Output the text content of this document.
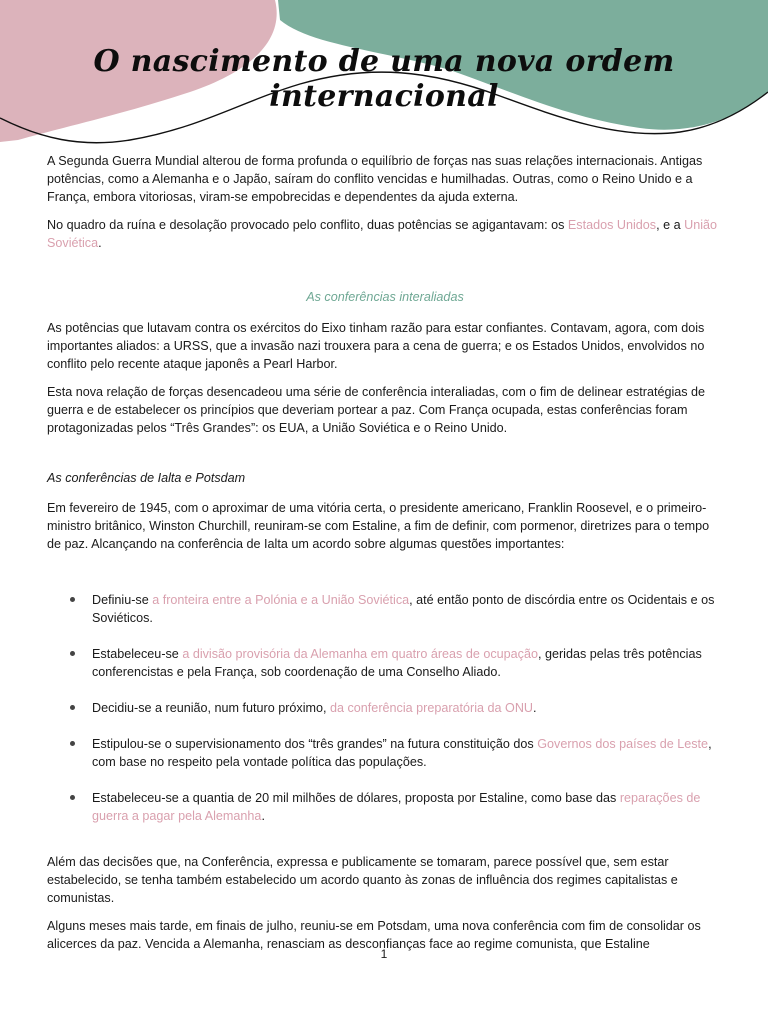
O nascimento de uma nova ordem internacional

A Segunda Guerra Mundial alterou de forma profunda o equilíbrio de forças nas suas relações internacionais. Antigas potências, como a Alemanha e o Japão, saíram do conflito vencidas e humilhadas. Outras, como o Reino Unido e a França, embora vitoriosas, viram-se empobrecidas e dependentes da ajuda externa.

No quadro da ruína e desolação provocado pelo conflito, duas potências se agigantavam: os Estados Unidos, e a União Soviética.

As conferências interaliadas

As potências que lutavam contra os exércitos do Eixo tinham razão para estar confiantes. Contavam, agora, com dois importantes aliados: a URSS, que a invasão nazi trouxera para a cena de guerra; e os Estados Unidos, envolvidos no conflito pelo recente ataque japonês a Pearl Harbor.

Esta nova relação de forças desencadeou uma série de conferência interaliadas, com o fim de delinear estratégias de guerra e de estabelecer os princípios que deveriam portear a paz. Com França ocupada, estas conferências foram protagonizadas pelos “Três Grandes”: os EUA, a União Soviética e o Reino Unido.

As conferências de Ialta e Potsdam

Em fevereiro de 1945, com o aproximar de uma vitória certa, o presidente americano, Franklin Roosevel, e o primeiro-ministro britânico, Winston Churchill, reuniram-se com Estaline, a fim de definir, com pormenor, diretrizes para o tempo de paz. Alcançando na conferência de Ialta um acordo sobre algumas questões importantes:

Definiu-se a fronteira entre a Polónia e a União Soviética, até então ponto de discórdia entre os Ocidentais e os Soviéticos.
Estabeleceu-se a divisão provisória da Alemanha em quatro áreas de ocupação, geridas pelas três potências conferencistas e pela França, sob coordenação de uma Conselho Aliado.
Decidiu-se a reunião, num futuro próximo, da conferência preparatória da ONU.
Estipulou-se o supervisionamento dos “três grandes” na futura constituição dos Governos dos países de Leste, com base no respeito pela vontade política das populações.
Estabeleceu-se a quantia de 20 mil milhões de dólares, proposta por Estaline, como base das reparações de guerra a pagar pela Alemanha.

Além das decisões que, na Conferência, expressa e publicamente se tomaram, parece possível que, sem estar estabelecido, se tenha também estabelecido um acordo quanto às zonas de influência dos regimes capitalistas e comunistas.

Alguns meses mais tarde, em finais de julho, reuniu-se em Potsdam, uma nova conferência com fim de consolidar os alicerces da paz. Vencida a Alemanha, renasciam as desconfianças face ao regime comunista, que Estaline

1
